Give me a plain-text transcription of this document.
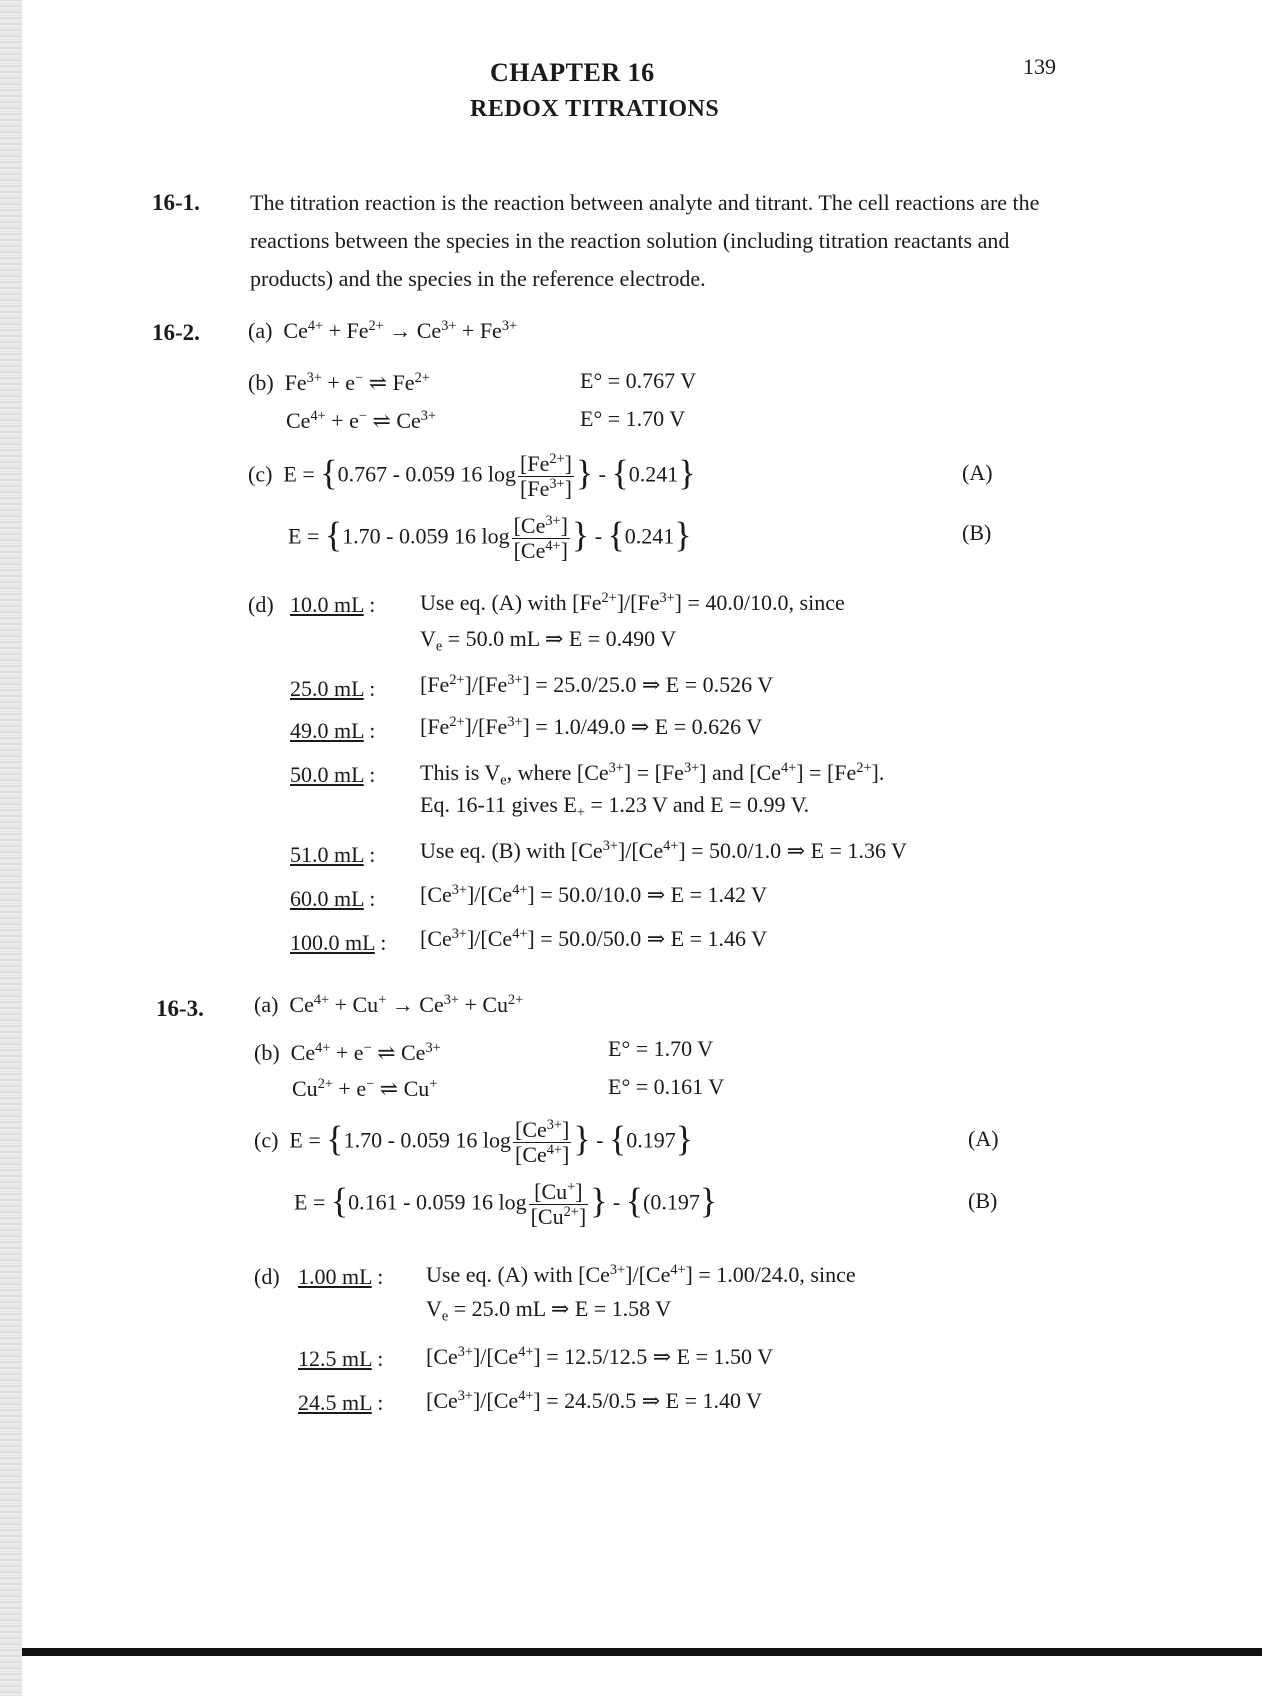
CHAPTER 16
REDOX TITRATIONS
139
16-1. The titration reaction is the reaction between analyte and titrant. The cell reactions are the reactions between the species in the reaction solution (including titration reactants and products) and the species in the reference electrode.
16-2. (a)  $Ce^{4+} + Fe^{2+} \to Ce^{3+} + Fe^{3+}$
(b)  $Fe^{3+} + e^-$ ⇌ $Fe^{2+}$	E° = 0.767 V
$Ce^{4+} + e^-$ ⇌ $Ce^{3+}$	E° = 1.70 V
(c)  E = {0.767 - 0.059 16 $\log \frac{[Fe^{2+}]}{[Fe^{3+}]}$ } - {0.241}	(A)
E = {1.70 - 0.059 16 $\log \frac{[Ce^{3+}]}{[Ce^{4+}]}$ } - {0.241}	(B)
(d) 10.0 mL : Use eq. (A) with $[Fe^{2+}]/[Fe^{3+}] = 40.0/10.0$, since
$V_e = 50.0$ mL ⇒ E = 0.490 V
25.0 mL : $[Fe^{2+}]/[Fe^{3+}] = 25.0/25.0$ ⇒ E = 0.526 V
49.0 mL : $[Fe^{2+}]/[Fe^{3+}] = 1.0/49.0$ ⇒ E = 0.626 V
50.0 mL : This is $V_e$, where $[Ce^{3+}] = [Fe^{3+}]$ and $[Ce^{4+}] = [Fe^{2+}]$.
Eq. 16-11 gives $E_+ = 1.23$ V and E = 0.99 V.
51.0 mL : Use eq. (B) with $[Ce^{3+}]/[Ce^{4+}] = 50.0/1.0$ ⇒ E = 1.36 V
60.0 mL : $[Ce^{3+}]/[Ce^{4+}] = 50.0/10.0$ ⇒ E = 1.42 V
100.0 mL : $[Ce^{3+}]/[Ce^{4+}] = 50.0/50.0$ ⇒ E = 1.46 V
16-3. (a)  $Ce^{4+} + Cu^+ \to Ce^{3+} + Cu^{2+}$
(b)  $Ce^{4+} + e^-$ ⇌ $Ce^{3+}$	E° = 1.70 V
$Cu^{2+} + e^-$ ⇌ Cu+	E° = 0.161 V
(c)  E = {1.70 - 0.059 16 $\log \frac{[Ce^{3+}]}{[Ce^{4+}]}$ } - {0.197}	(A)
E = {0.161 - 0.059 16 $\log \frac{[Cu^+]}{[Cu^{2+}]}$ } - {(0.197}	(B)
(d) 1.00 mL : Use eq. (A) with $[Ce^{3+}]/[Ce^{4+}] = 1.00/24.0$, since
$V_e = 25.0$ mL ⇒ E = 1.58 V
12.5 mL : $[Ce^{3+}]/[Ce^{4+}] = 12.5/12.5$ ⇒ E = 1.50 V
24.5 mL : $[Ce^{3+}]/[Ce^{4+}] = 24.5/0.5$ ⇒ E = 1.40 V
